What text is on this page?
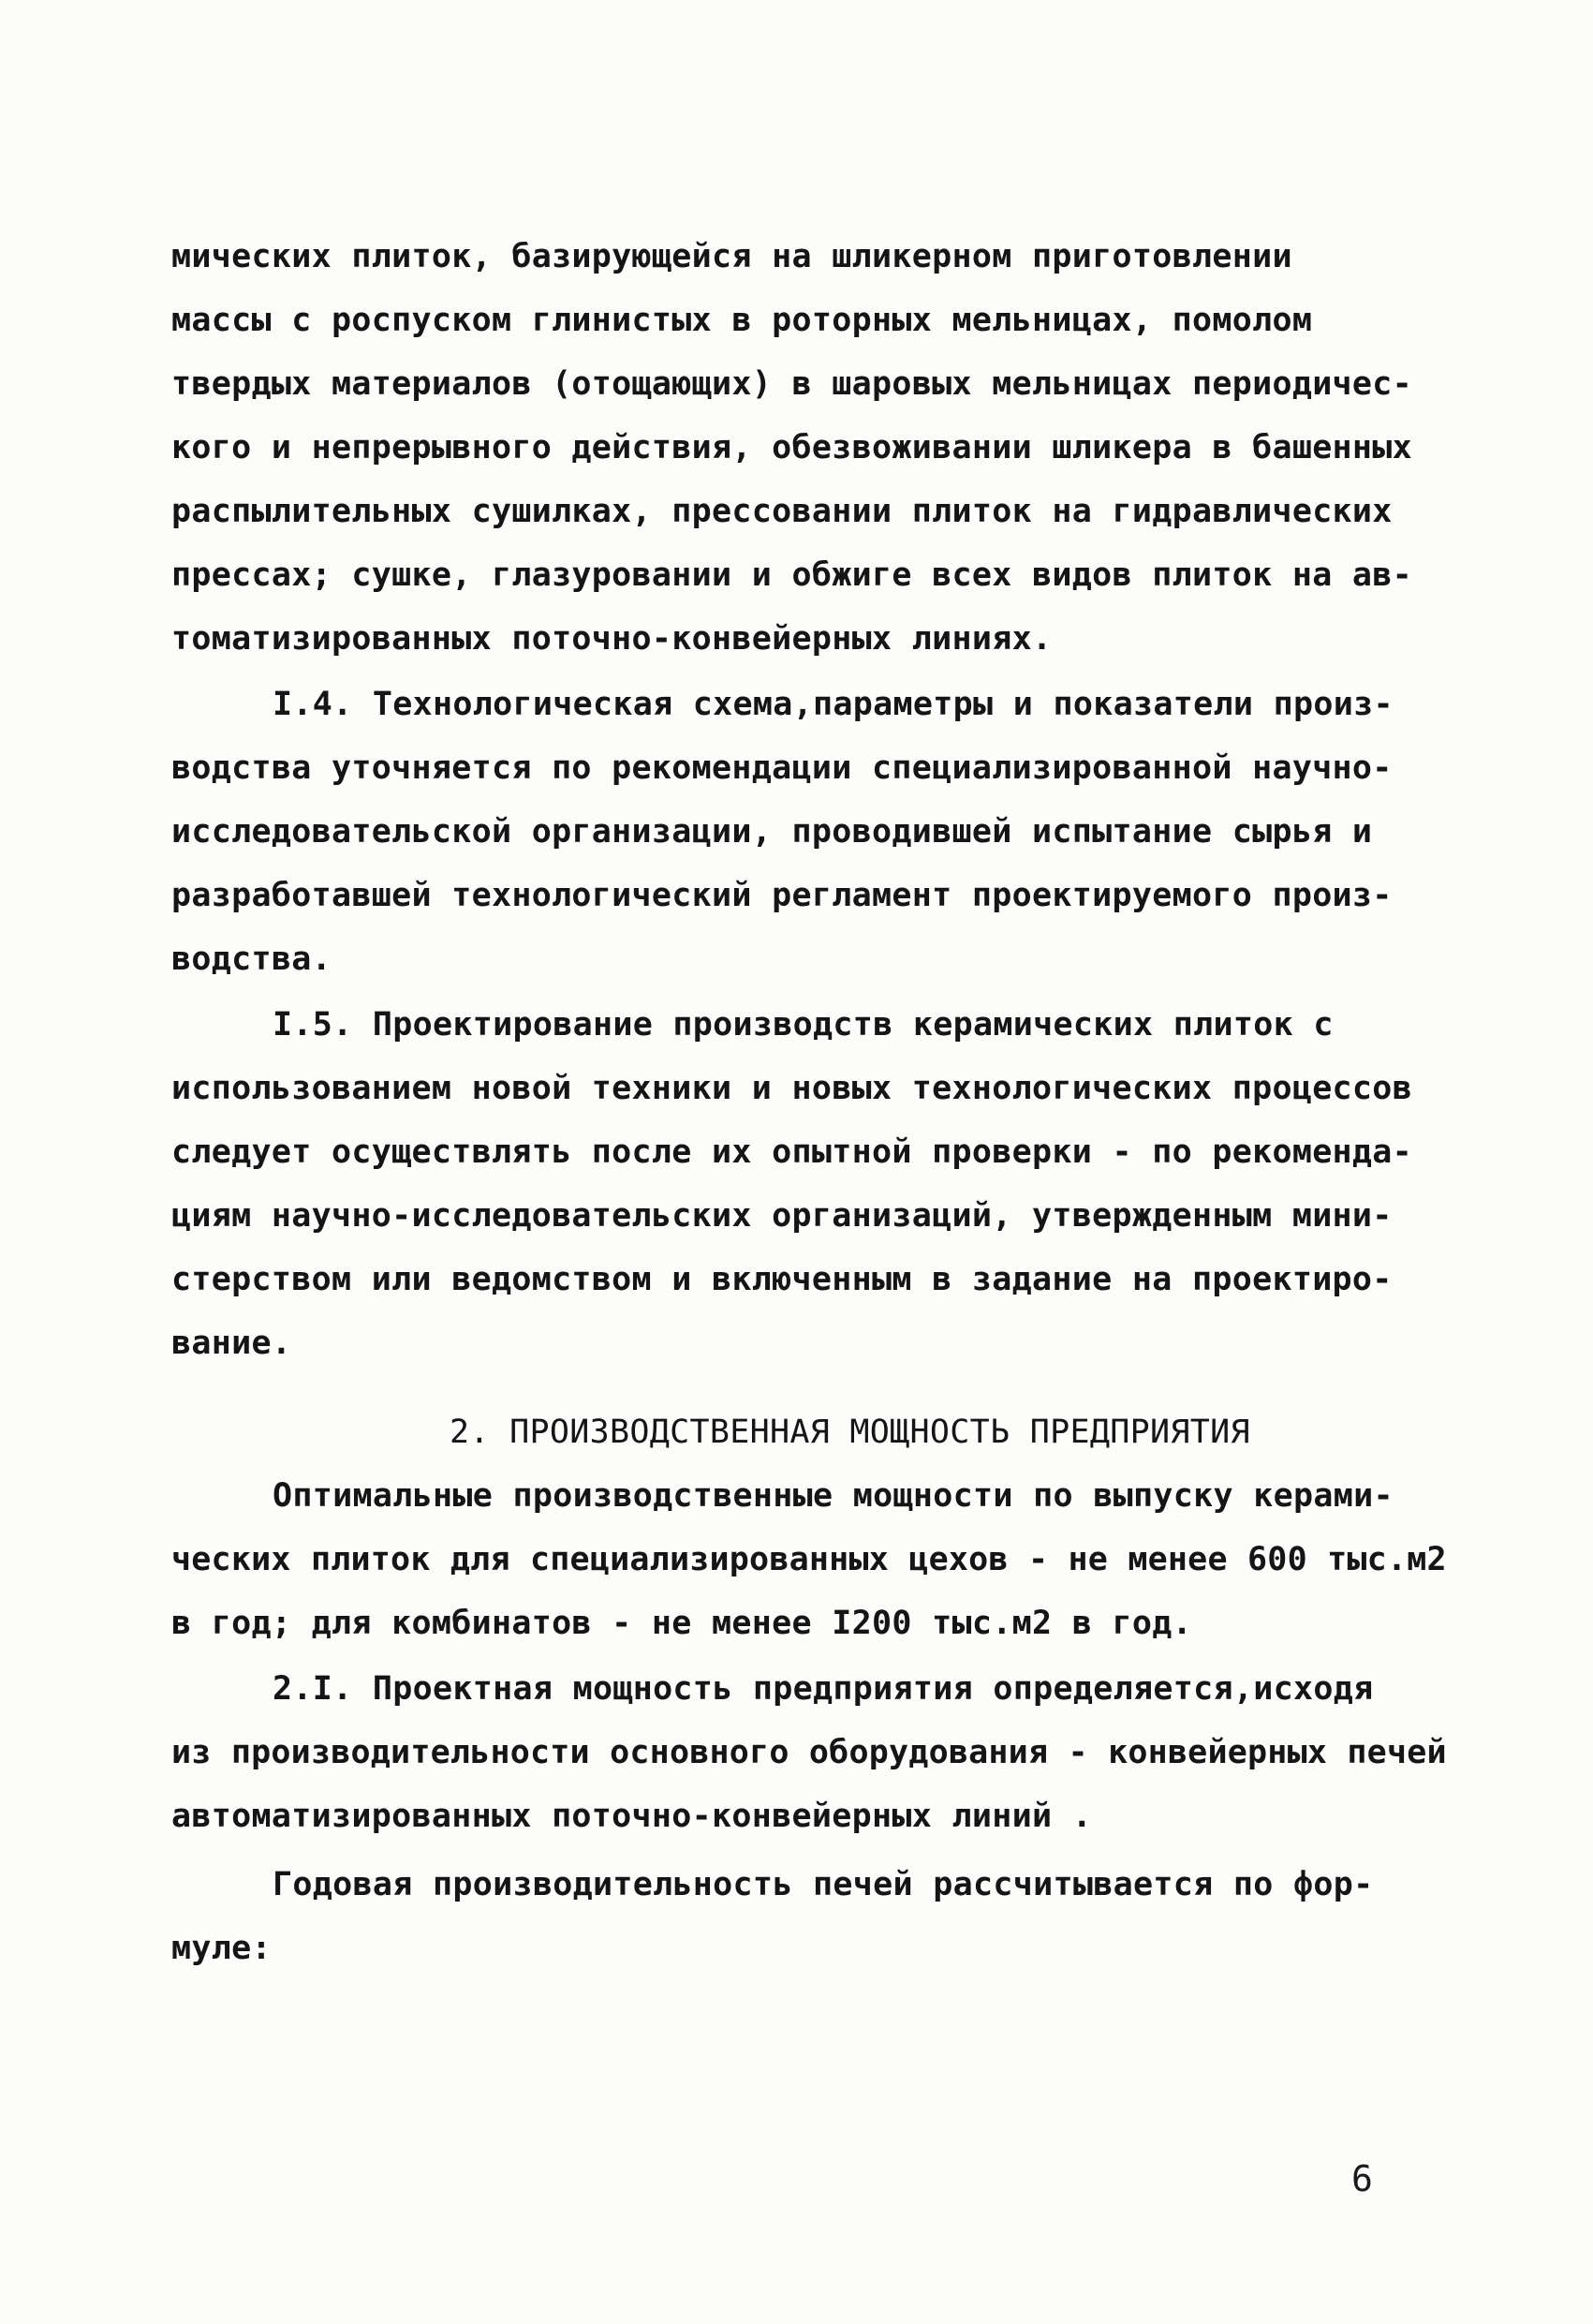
мических плиток, базирующейся на шликерном приготовлении
массы с роспуском глинистых в роторных мельницах, помолом
твердых материалов (отощающих) в шаровых мельницах периодичес-
кого и непрерывного действия, обезвоживании шликера в башенных
распылительных сушилках, прессовании плиток на гидравлических
прессах; сушке, глазуровании и обжиге всех видов плиток на ав-
томатизированных поточно-конвейерных линиях.
I.4. Технологическая схема,параметры и показатели произ-
водства уточняется по рекомендации специализированной научно-
исследовательской организации, проводившей испытание сырья и
разработавшей технологический регламент проектируемого произ-
водства.
I.5. Проектирование производств керамических плиток с
использованием новой техники и новых технологических процессов
следует осуществлять после их опытной проверки - по рекоменда-
циям научно-исследовательских организаций, утвержденным мини-
стерством или ведомством и включенным в задание на проектиро-
вание.
2. ПРОИЗВОДСТВЕННАЯ МОЩНОСТЬ ПРЕДПРИЯТИЯ
Оптимальные производственные мощности по выпуску керами-
ческих плиток для специализированных цехов - не менее 600 тыс.м2
в год; для комбинатов - не менее I200 тыс.м2 в год.
2.I. Проектная мощность предприятия определяется,исходя
из производительности основного оборудования - конвейерных печей
автоматизированных поточно-конвейерных линий .
Годовая производительность печей рассчитывается по фор-
муле:
6
